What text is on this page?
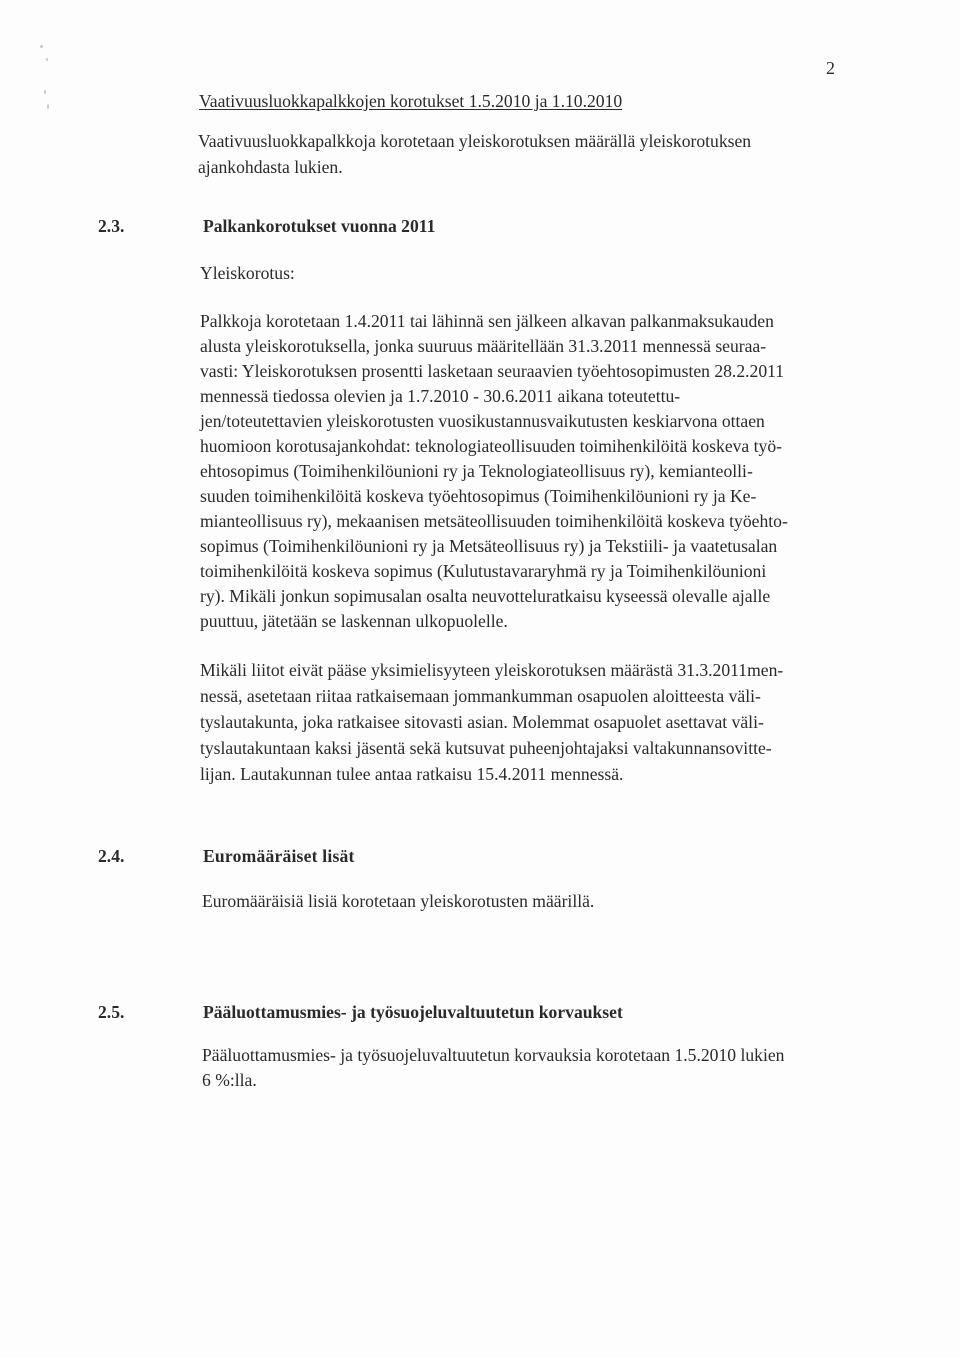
2
Vaativuusluokkapalkkojen korotukset 1.5.2010 ja 1.10.2010
Vaativuusluokkapalkkoja korotetaan yleiskorotuksen määrällä yleiskorotuksen
ajankohdasta lukien.
2.3.	Palkankorotukset vuonna 2011
Yleiskorotus:
Palkkoja korotetaan 1.4.2011 tai lähinnä sen jälkeen alkavan palkanmaksukauden
alusta yleiskorotuksella, jonka suuruus määritellään 31.3.2011 mennessä seuraa-
vasti: Yleiskorotuksen prosentti lasketaan seuraavien työehtosopimusten 28.2.2011
mennessä tiedossa olevien ja 1.7.2010 - 30.6.2011 aikana toteutettu-
jen/toteutettavien yleiskorotusten vuosikustannusvaikutusten keskiarvona ottaen
huomioon korotusajankohdat: teknologiateollisuuden toimihenkilöitä koskeva työ-
ehtosopimus (Toimihenkilöunioni ry ja Teknologiateollisuus ry), kemianteolli-
suuden toimihenkilöitä koskeva työehtosopimus (Toimihenkilöunioni ry ja Ke-
mianteollisuus ry), mekaanisen metsäteollisuuden toimihenkilöitä koskeva työehto-
sopimus (Toimihenkilöunioni ry ja Metsäteollisuus ry) ja Tekstiili- ja vaatetusalan
toimihenkilöitä koskeva sopimus (Kulutustavararyhmä ry ja Toimihenkilöunioni
ry). Mikäli jonkun sopimusalan osalta neuvotteluratkaisu kyseessä olevalle ajalle
puuttuu, jätetään se laskennan ulkopuolelle.
Mikäli liitot eivät pääse yksimielisyyteen yleiskorotuksen määrästä 31.3.2011men-
nessä, asetetaan riitaa ratkaisemaan jommankumman osapuolen aloitteesta väli-
tyslautakunta, joka ratkaisee sitovasti asian. Molemmat osapuolet asettavat väli-
tyslautakuntaan kaksi jäsentä sekä kutsuvat puheenjohtajaksi valtakunnansovitte-
lijan. Lautakunnan tulee antaa ratkaisu 15.4.2011 mennessä.
2.4.	Euromääräiset lisät
Euromääräisiä lisiä korotetaan yleiskorotusten määrillä.
2.5.	Pääluottamusmies- ja työsuojeluvaltuutetun korvaukset
Pääluottamusmies- ja työsuojeluvaltuutetun korvauksia korotetaan 1.5.2010 lukien
6 %:lla.
